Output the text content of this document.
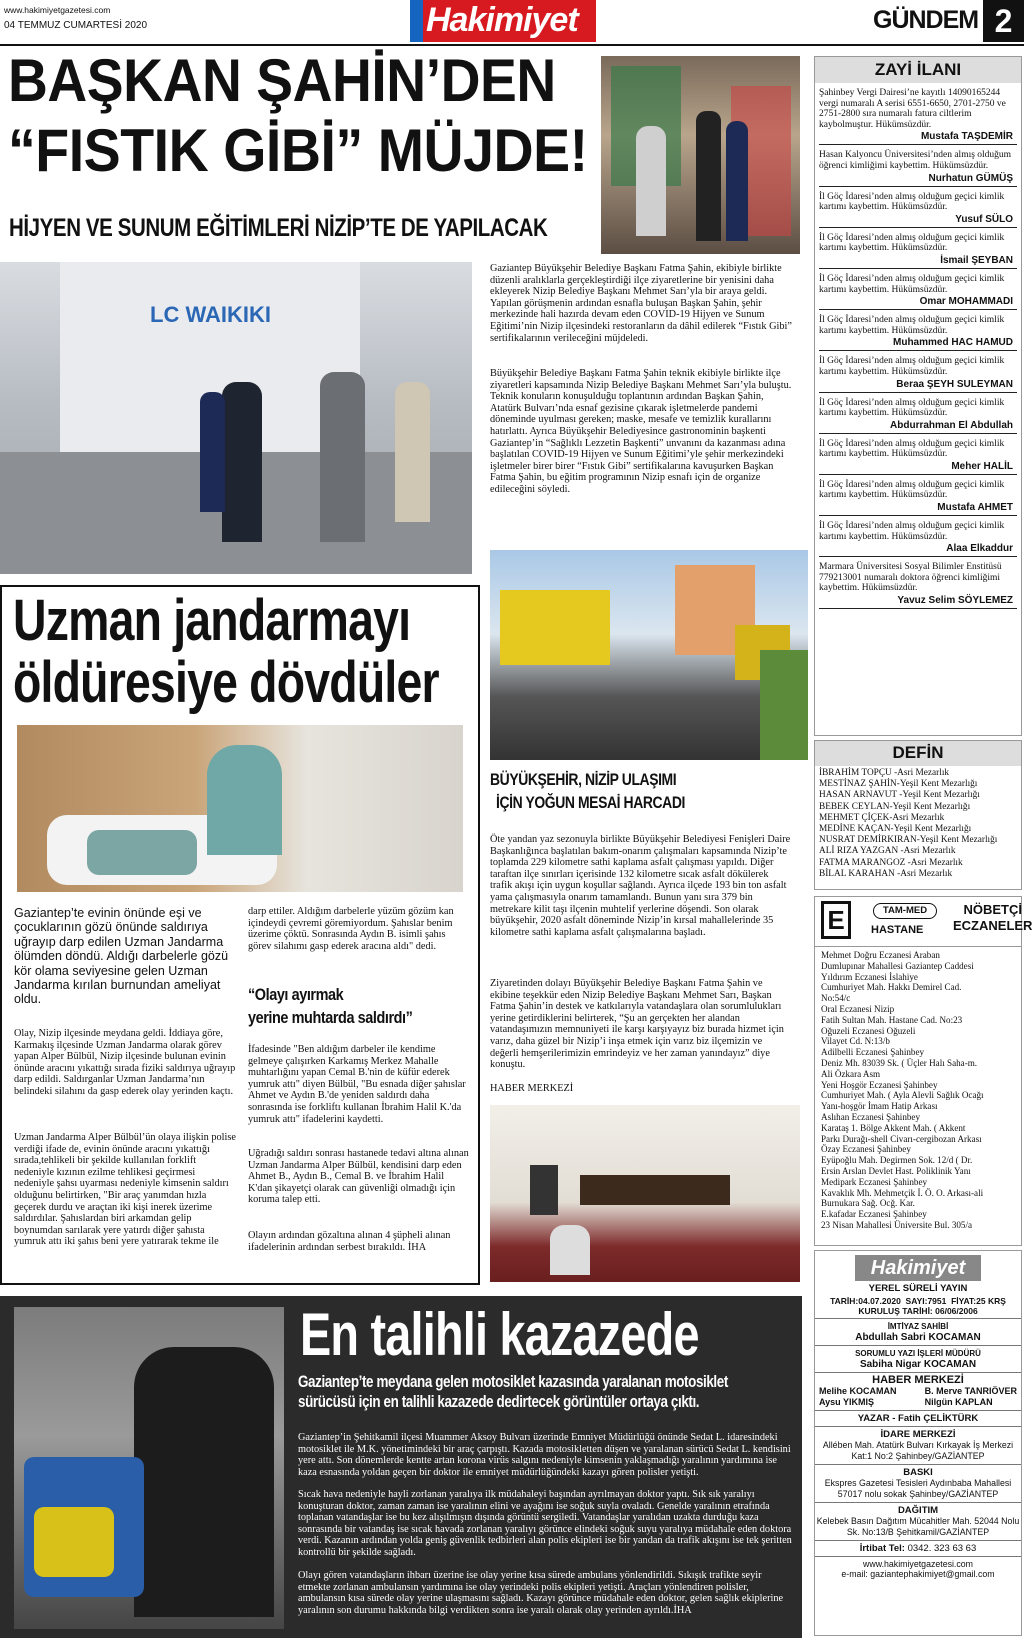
www.hakimiyetgazetesi.com
04 TEMMUZ CUMARTESİ 2020	Hakimiyet	GÜNDEM 2
BAŞKAN ŞAHİN’DEN
“FISTIK GİBİ” MÜJDE!
HİJYEN VE SUNUM EĞİTİMLERİ NİZİP’TE DE YAPILACAK
LC WAIKIKI
Gaziantep Büyükşehir Belediye Başkanı Fatma Şahin, ekibiyle birlikte düzenli aralıklarla gerçekleştirdiği ilçe ziyaretlerine bir yenisini daha ekleyerek Nizip Belediye Başkanı Mehmet Sarı’yla bir araya geldi. Yapılan görüşmenin ardından esnafla buluşan Başkan Şahin, şehir merkezinde hali hazırda devam eden COVID-19 Hijyen ve Sunum Eğitimi’nin Nizip ilçesindeki restoranların da dâhil edilerek “Fıstık Gibi” sertifikalarının verileceğini müjdeledi.
Büyükşehir Belediye Başkanı Fatma Şahin teknik ekibiyle birlikte ilçe ziyaretleri kapsamında Nizip Belediye Başkanı Mehmet Sarı’yla buluştu. Teknik konuların konuşulduğu toplantının ardından Başkan Şahin, Atatürk Bulvarı’nda esnaf gezisine çıkarak işletmelerde pandemi döneminde uyulması gereken; maske, mesafe ve temizlik kurallarını hatırlattı. Ayrıca Büyükşehir Belediyesince gastronominin başkenti Gaziantep’in “Sağlıklı Lezzetin Başkenti” unvanını da kazanması adına başlatılan COVID-19 Hijyen ve Sunum Eğitimi’yle şehir merkezindeki işletmeler birer birer “Fıstık Gibi” sertifikalarına kavuşurken Başkan Fatma Şahin, bu eğitim programının Nizip esnafı için de organize edileceğini söyledi.
BÜYÜKŞEHİR, NİZİP ULAŞIMI
İÇİN YOĞUN MESAİ HARCADI
Öte yandan yaz sezonuyla birlikte Büyükşehir Belediyesi Fenişleri Daire Başkanlığınca başlatılan bakım-onarım çalışmaları kapsamında Nizip’te toplamda 229 kilometre sathi kaplama asfalt çalışması yapıldı. Diğer taraftan ilçe sınırları içerisinde 132 kilometre sıcak asfalt dökülerek trafik akışı için uygun koşullar sağlandı. Ayrıca ilçede 193 bin ton asfalt yama çalışmasıyla onarım tamamlandı. Bunun yanı sıra 379 bin metrekare kilit taşı ilçenin muhtelif yerlerine döşendi. Son olarak büyükşehir, 2020 asfalt döneminde Nizip’in kırsal mahallelerinde 35 kilometre sathi kaplama asfalt çalışmalarına başladı.
Ziyaretinden dolayı Büyükşehir Belediye Başkanı Fatma Şahin ve ekibine teşekkür eden Nizip Belediye Başkanı Mehmet Sarı, Başkan Fatma Şahin’in destek ve katkılarıyla vatandaşlara olan sorumlulukları yerine getirdiklerini belirterek, “Şu an gerçekten her alandan vatandaşımızın memnuniyeti ile karşı karşıyayız biz burada hizmet için varız, daha güzel bir Nizip’i inşa etmek için varız biz ilçemizin ve değerli hemşerilerimizin emrindeyiz ve her zaman yanındayız” diye konuştu.
HABER MERKEZİ
Uzman jandarmayı
öldüresiye dövdüler
Gaziantep’te evinin önünde eşi ve çocuklarının gözü önünde saldırıya uğrayıp darp edilen Uzman Jandarma ölümden döndü. Aldığı darbelerle gözü kör olama seviyesine gelen Uzman Jandarma kırılan burnundan ameliyat oldu.
Olay, Nizip ilçesinde meydana geldi. İddiaya göre, Karmakış ilçesinde Uzman Jandarma olarak görev yapan Alper Bülbül, Nizip ilçesinde bulunan evinin önünde aracını yıkattığı sırada fiziki saldırıya uğrayıp darp edildi. Saldırganlar Uzman Jandarma’nın belindeki silahını da gasp ederek olay yerinden kaçtı.
Uzman Jandarma Alper Bülbül’ün olaya ilişkin polise verdiği ifade de, evinin önünde aracını yıkattığı sırada,tehlikeli bir şekilde kullanılan forklift nedeniyle kızının ezilme tehlikesi geçirmesi nedeniyle şahsı uyarması nedeniyle kimsenin saldırı olduğunu belirtirken, "Bir araç yanımdan hızla geçerek durdu ve araçtan iki kişi inerek üzerime saldırdılar. Şahıslardan biri arkamdan gelip boynumdan sarılarak yere yatırdı diğer şahısta yumruk attı iki şahıs beni yere yatırarak tekme ile
darp ettiler. Aldığım darbelerle yüzüm gözüm kan içindeydi çevremi göremiyordum. Şahıslar benim üzerime çöktü. Sonrasında Aydın B. isimli şahıs görev silahımı gasp ederek aracına aldı" dedi.
“Olayı ayırmak
yerine muhtarda saldırdı”
İfadesinde "Ben aldığım darbeler ile kendime gelmeye çalışırken Karkamış Merkez Mahalle muhtarlığını yapan Cemal B.'nin de küfür ederek yumruk attı" diyen Bülbül, "Bu esnada diğer şahıslar Ahmet ve Aydın B.'de yeniden saldırdı daha sonrasında ise forkliftı kullanan İbrahim Halil K.'da yumruk attı" ifadelerini kaydetti.
Uğradığı saldırı sonrası hastanede tedavi altına alınan Uzman Jandarma Alper Bülbül, kendisini darp eden Ahmet B., Aydın B., Cemal B. ve İbrahim Halil K'dan şikayetçi olarak can güvenliği olmadığı için koruma talep etti.
Olayın ardından gözaltına alınan 4 şüpheli alınan ifadelerinin ardından serbest bırakıldı. İHA
En talihli kazazede
Gaziantep’te meydana gelen motosiklet kazasında yaralanan motosiklet sürücüsü için en talihli kazazede dedirtecek görüntüler ortaya çıktı.
Gaziantep’in Şehitkamil ilçesi Muammer Aksoy Bulvarı üzerinde Emniyet Müdürlüğü önünde Sedat L. idaresindeki motosiklet ile M.K. yönetimindeki bir araç çarpıştı. Kazada motosikletten düşen ve yaralanan sürücü Sedat L. kendisini yere attı. Son dönemlerde kentte artan korona virüs salgını nedeniyle kimsenin yaklaşmadığı yaralının yardımına ise kaza esnasında yoldan geçen bir doktor ile emniyet müdürlüğündeki kazayı gören polisler yetişti.
Sıcak hava nedeniyle hayli zorlanan yaralıya ilk müdahaleyi başından ayrılmayan doktor yaptı. Sık sık yaralıyı konuşturan doktor, zaman zaman ise yaralının elini ve ayağını ise soğuk suyla ovaladı. Genelde yaralının etrafında toplanan vatandaşlar ise bu kez alışılmışın dışında görüntü sergiledi. Vatandaşlar yaralıdan uzakta durduğu kaza sonrasında bir vatandaş ise sıcak havada zorlanan yaralıyı görünce elindeki soğuk suyu yaralıya müdahale eden doktora verdi. Kazanın ardından yolda geniş güvenlik tedbirleri alan polis ekipleri ise bir yandan da trafik akışını ise tek şeritten kontrollü bir şekilde sağladı.
Olayı gören vatandaşların ihbarı üzerine ise olay yerine kısa sürede ambulans yönlendirildi. Sıkışık trafikte seyir etmekte zorlanan ambulansın yardımına ise olay yerindeki polis ekipleri yetişti. Araçları yönlendiren polisler, ambulansın kısa sürede olay yerine ulaşmasını sağladı. Kazayı görünce müdahale eden doktor, gelen sağlık ekiplerine yaralının son durumu hakkında bilgi verdikten sonra ise yaralı olarak olay yerinden ayrıldı.İHA
ZAYİ İLANI
Şahinbey Vergi Dairesi’ne kayıtlı 14090165244 vergi numaralı A serisi 6551-6650, 2701-2750 ve 2751-2800 sıra numaralı fatura ciltlerim kaybolmuştur. Hükümsüzdür.
Mustafa TAŞDEMİR
Hasan Kalyoncu Üniversitesi’nden almış olduğum öğrenci kimliğimi kaybettim. Hükümsüzdür.
Nurhatun GÜMÜŞ
İl Göç İdaresi’nden almış olduğum geçici kimlik kartımı kaybettim. Hükümsüzdür.
Yusuf SÜLO
İl Göç İdaresi’nden almış olduğum geçici kimlik kartımı kaybettim. Hükümsüzdür.
İsmail ŞEYBAN
İl Göç İdaresi’nden almış olduğum geçici kimlik kartımı kaybettim. Hükümsüzdür.
Omar MOHAMMADI
İl Göç İdaresi’nden almış olduğum geçici kimlik kartımı kaybettim. Hükümsüzdür.
Muhammed HAC HAMUD
İl Göç İdaresi’nden almış olduğum geçici kimlik kartımı kaybettim. Hükümsüzdür.
Beraa ŞEYH SULEYMAN
İl Göç İdaresi’nden almış olduğum geçici kimlik kartımı kaybettim. Hükümsüzdür.
Abdurrahman El Abdullah
İl Göç İdaresi’nden almış olduğum geçici kimlik kartımı kaybettim. Hükümsüzdür.
Meher HALİL
İl Göç İdaresi’nden almış olduğum geçici kimlik kartımı kaybettim. Hükümsüzdür.
Mustafa AHMET
İl Göç İdaresi’nden almış olduğum geçici kimlik kartımı kaybettim. Hükümsüzdür.
Alaa Elkaddur
Marmara Üniversitesi Sosyal Bilimler Enstitüsü 779213001 numaralı doktora öğrenci kimliğimi kaybettim. Hükümsüzdür.
Yavuz Selim SÖYLEMEZ
DEFİN
İBRAHİM TOPÇU -Asri Mezarlık
MESTİNAZ ŞAHİN-Yeşil Kent Mezarlığı
HASAN ARNAVUT -Yeşil Kent Mezarlığı
BEBEK CEYLAN-Yeşil Kent Mezarlığı
MEHMET ÇİÇEK-Asri Mezarlık
MEDİNE KAÇAN-Yeşil Kent Mezarlığı
NUSRAT DEMİRKIRAN-Yeşil Kent Mezarlığı
ALİ RIZA YAZGAN -Asri Mezarlık
FATMA MARANGOZ -Asri Mezarlık
BİLAL KARAHAN -Asri Mezarlık
E	TAM-MED
HASTANE
NÖBETÇİ
ECZANELER
Mehmet Doğru Eczanesi Araban
Dumlupınar Mahallesi Gaziantep Caddesi
Yıldırım Eczanesi İslahiye
Cumhuriyet Mah. Hakkı Demirel Cad.
No:54/c
Oral Eczanesi Nizip
Fatih Sultan Mah. Hastane Cad. No:23
Oğuzeli Eczanesi Oğuzeli
Vilayet Cd. N:13/b
Adilbelli Eczanesi Şahinbey
Deniz Mh. 83039 Sk. ( Üçler Halı Saha-m.
Ali Özkara Asm
Yeni Hoşgör Eczanesi Şahinbey
Cumhuriyet Mah. ( Ayla Alevli Sağlık Ocağı
Yanı-hoşgör İmam Hatip Arkası
Aslıhan Eczanesi Şahinbey
Karataş 1. Bölge Akkent Mah. ( Akkent
Parkı Durağı-shell Civarı-cergibozan Arkası
Özay Eczanesi Şahinbey
Eyüpoğlu Mah. Degirmen Sok. 12/d ( Dr.
Ersin Arslan Devlet Hast. Poliklinik Yanı
Medipark Eczanesi Şahinbey
Kavaklık Mh. Mehmetçik İ. Ö. O. Arkası-ali
Burnukara Sağ. Ocğ. Kar.
E.kafadar Eczanesi Şahinbey
23 Nisan Mahallesi Üniversite Bul. 305/a
Hakimiyet
YEREL SÜRELİ YAYIN
TARİH:04.07.2020 SAYI:7951 FİYAT:25 KRŞ
KURULUŞ TARİHİ: 06/06/2006
İMTİYAZ SAHİBİ
Abdullah Sabri KOCAMAN
SORUMLU YAZI İŞLERİ MÜDÜRÜ
Sabiha Nigar KOCAMAN
HABER MERKEZİ
Melihe KOCAMAN
Aysu YIKMIŞ
B. Merve TANRIÖVER
Nilgün KAPLAN
YAZAR - Fatih ÇELİKTÜRK
İDARE MERKEZİ
Allében Mah. Atatürk Bulvarı Kırkayak İş Merkezi Kat:1 No:2 Şahinbey/GAZİANTEP
BASKI
Ekspres Gazetesi Tesisleri Aydınbaba Mahallesi 57017 nolu sokak Şahinbey/GAZİANTEP
DAĞITIM
Kelebek Basın Dağıtım Mücahitler Mah. 52044 Nolu Sk. No:13/B Şehitkamil/GAZİANTEP
İrtibat Tel: 0342. 323 63 63
www.hakimiyetgazetesi.com
e-mail: gaziantephakimiyet@gmail.com
